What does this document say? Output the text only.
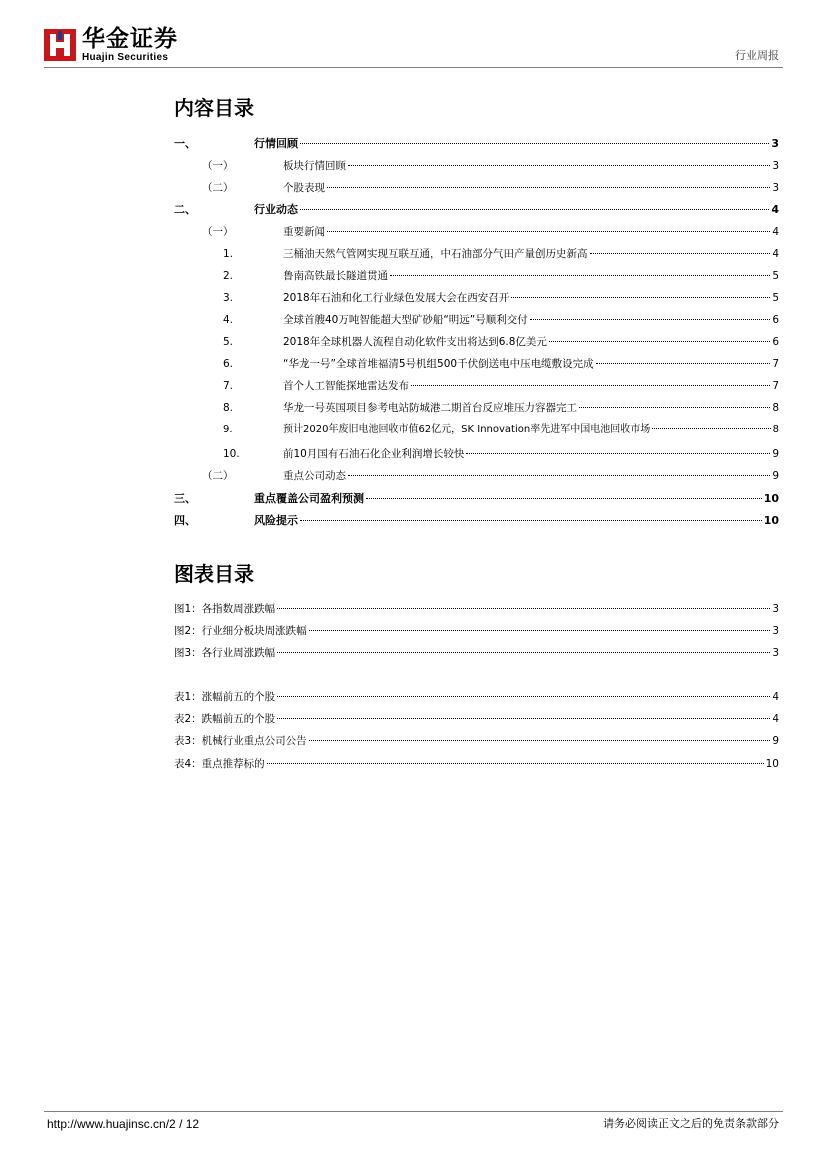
华金证券
Huajin Securities	行业周报
内容目录
一、	行情回顾	3
（一）	板块行情回顾	3
（二）	个股表现	3
二、	行业动态	4
（一）	重要新闻	4
1.	三桶油天然气管网实现互联互通，中石油部分气田产量创历史新高	4
2.	鲁南高铁最长隧道贯通	5
3.	2018年石油和化工行业绿色发展大会在西安召开	5
4.	全球首艘40万吨智能超大型矿砂船“明远”号顺利交付	6
5.	2018年全球机器人流程自动化软件支出将达到6.8亿美元	6
6.	“华龙一号”全球首堆福清5号机组500千伏倒送电中压电缆敷设完成	7
7.	首个人工智能探地雷达发布	7
8.	华龙一号英国项目参考电站防城港二期首台反应堆压力容器完工	8
9.	预计2020年废旧电池回收市值62亿元，SK Innovation率先进军中国电池回收市场	8
10.	前10月国有石油石化企业利润增长较快	9
（二）	重点公司动态	9
三、	重点覆盖公司盈利预测	10
四、	风险提示	10
图表目录
图1：各指数周涨跌幅	3
图2：行业细分板块周涨跌幅	3
图3：各行业周涨跌幅	3
表1：涨幅前五的个股	4
表2：跌幅前五的个股	4
表3：机械行业重点公司公告	9
表4：重点推荐标的	10
http://www.huajinsc.cn/2 / 12	请务必阅读正文之后的免责条款部分
